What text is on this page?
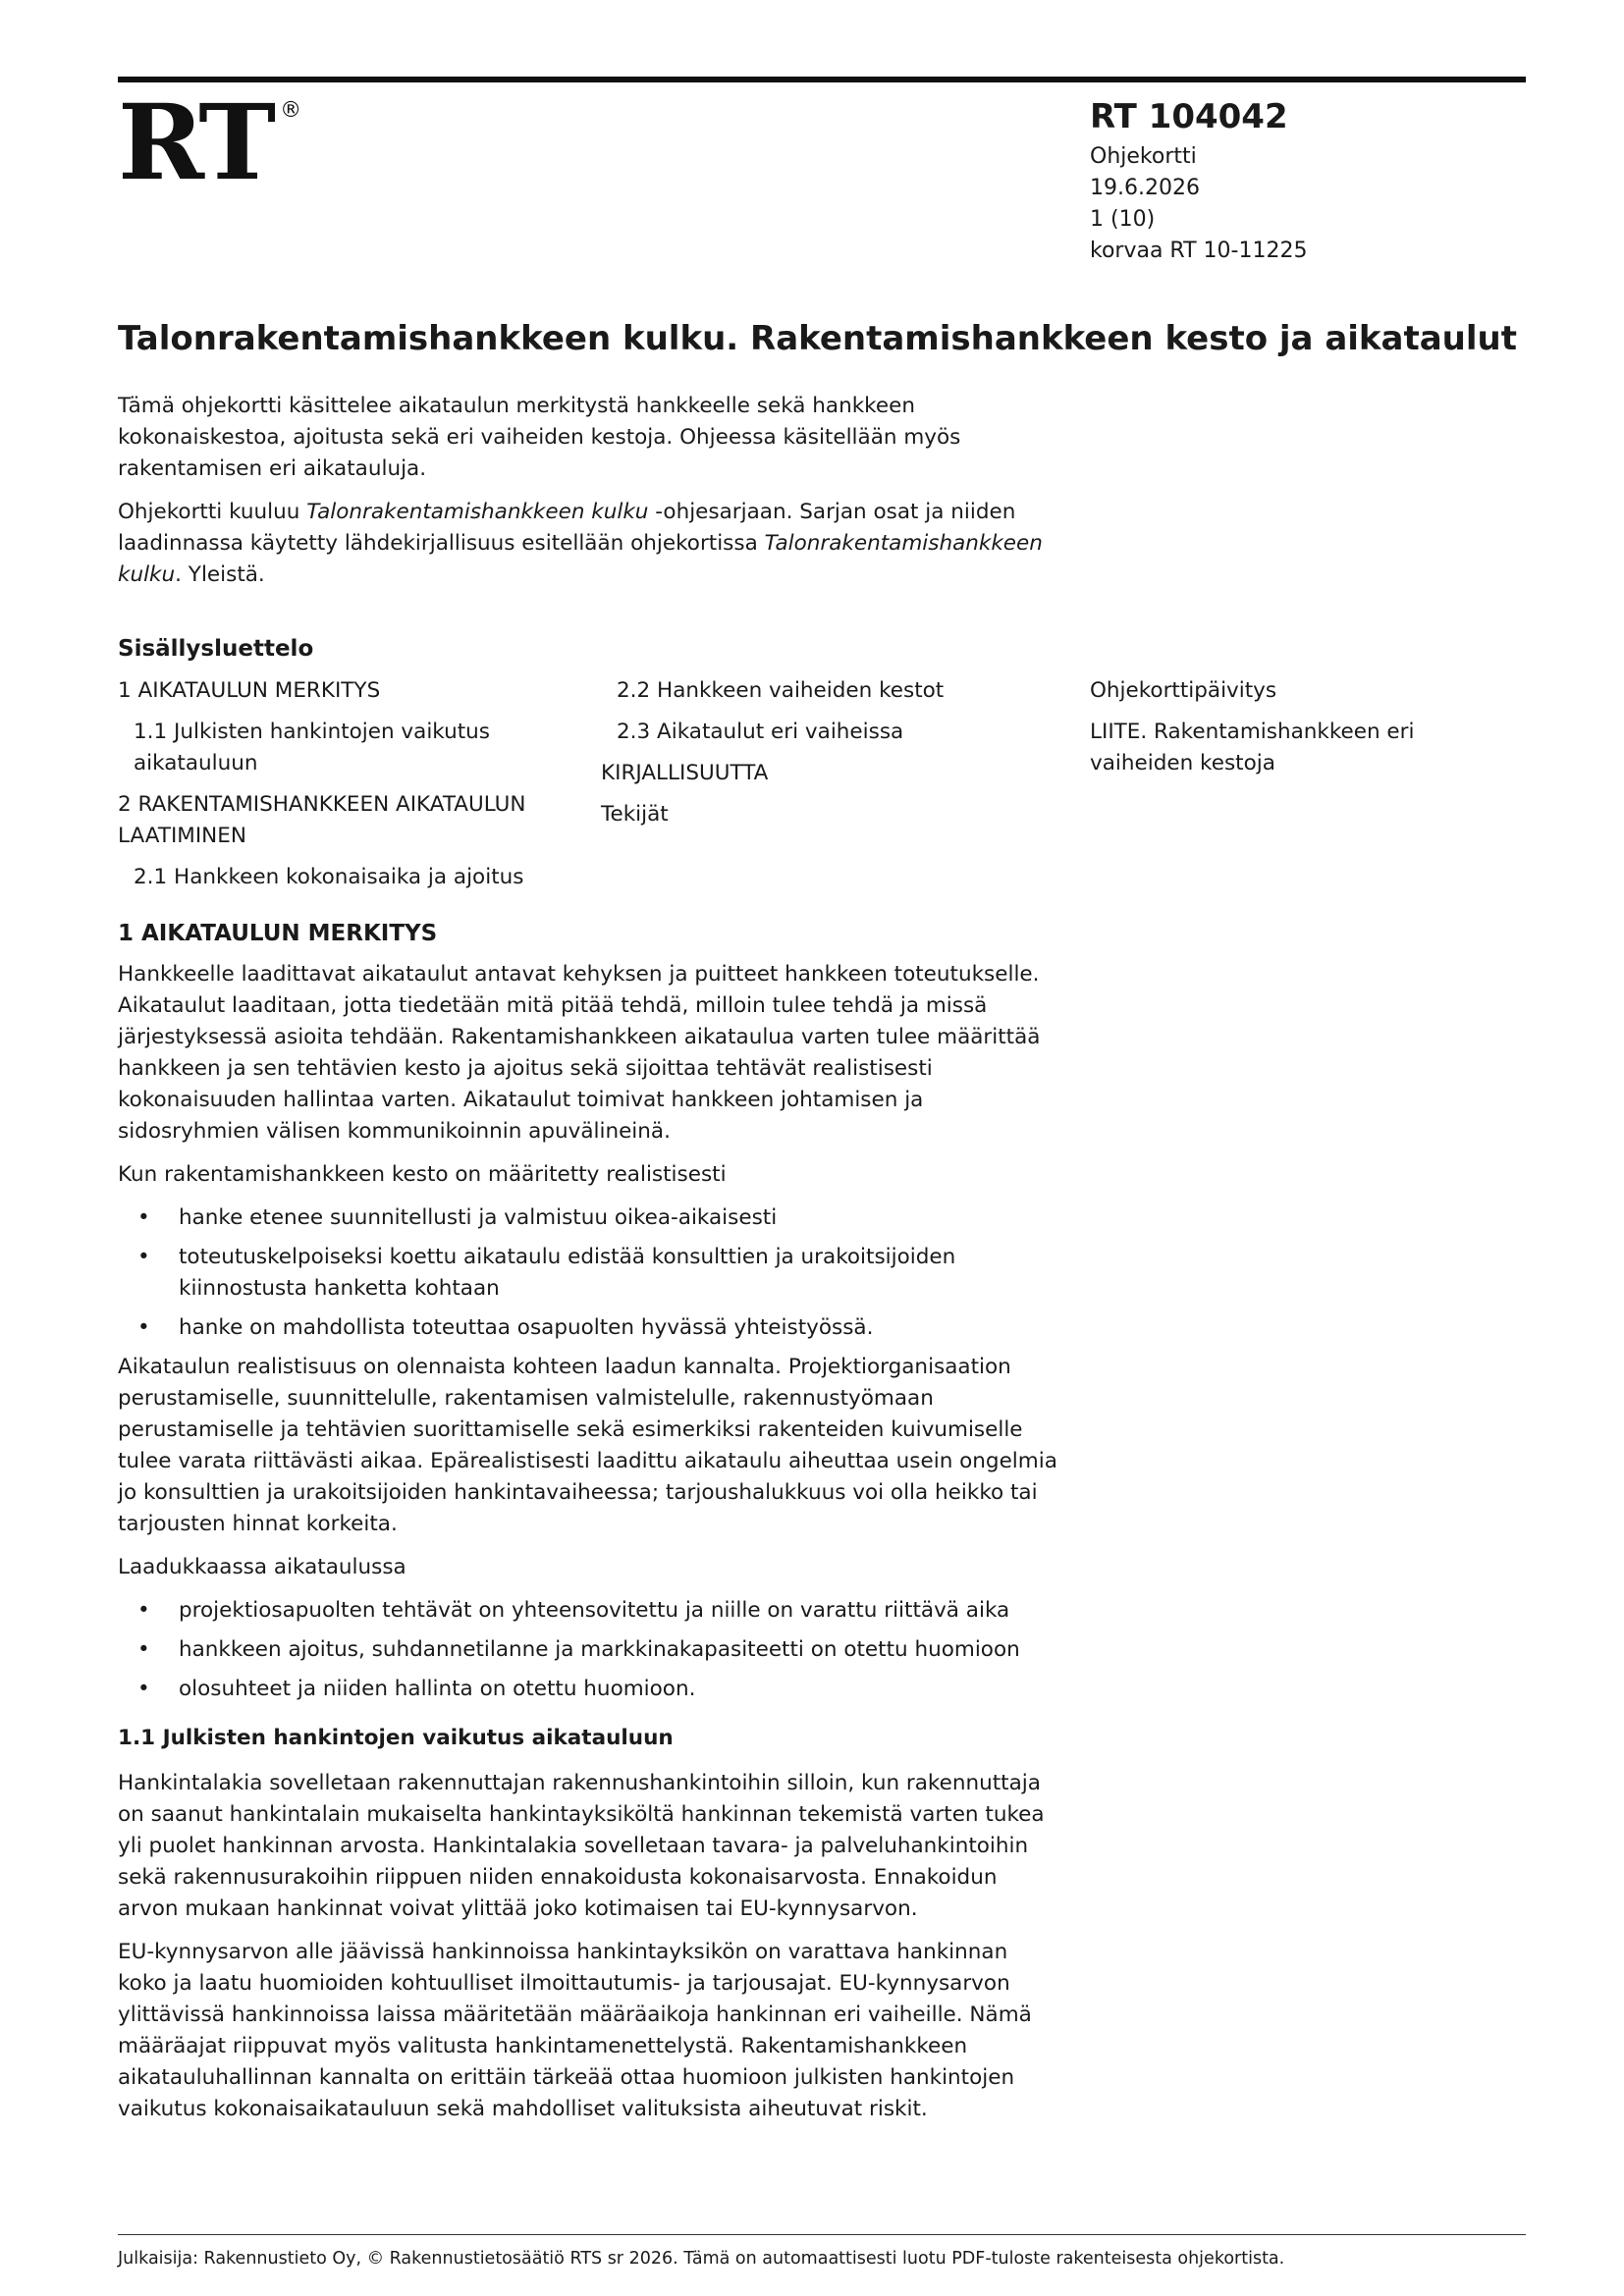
RT ®	RT 104042
Ohjekortti
19.6.2026
1 (10)
korvaa RT 10-11225
Talonrakentamishankkeen kulku. Rakentamishankkeen kesto ja aikataulut

Tämä ohjekortti käsittelee aikataulun merkitystä hankkeelle sekä hankkeen kokonaiskestoa, ajoitusta sekä eri vaiheiden kestoja. Ohjeessa käsitellään myös rakentamisen eri aikatauluja.

Ohjekortti kuuluu Talonrakentamishankkeen kulku -ohjesarjaan. Sarjan osat ja niiden laadinnassa käytetty lähdekirjallisuus esitellään ohjekortissa Talonrakentamishankkeen kulku. Yleistä.

Sisällysluettelo
1 AIKATAULUN MERKITYS
1.1 Julkisten hankintojen vaikutus aikatauluun
2 RAKENTAMISHANKKEEN AIKATAULUN LAATIMINEN
2.1 Hankkeen kokonaisaika ja ajoitus
2.2 Hankkeen vaiheiden kestot
2.3 Aikataulut eri vaiheissa
KIRJALLISUUTTA
Tekijät
Ohjekorttipäivitys
LIITE. Rakentamishankkeen eri vaiheiden kestoja
1 AIKATAULUN MERKITYS

Hankkeelle laadittavat aikataulut antavat kehyksen ja puitteet hankkeen toteutukselle. Aikataulut laaditaan, jotta tiedetään mitä pitää tehdä, milloin tulee tehdä ja missä järjestyksessä asioita tehdään. Rakentamishankkeen aikataulua varten tulee määrittää hankkeen ja sen tehtävien kesto ja ajoitus sekä sijoittaa tehtävät realistisesti kokonaisuuden hallintaa varten. Aikataulut toimivat hankkeen johtamisen ja sidosryhmien välisen kommunikoinnin apuvälineinä.

Kun rakentamishankkeen kesto on määritetty realistisesti

• hanke etenee suunnitellusti ja valmistuu oikea-aikaisesti
• toteutuskelpoiseksi koettu aikataulu edistää konsulttien ja urakoitsijoiden kiinnostusta hanketta kohtaan
• hanke on mahdollista toteuttaa osapuolten hyvässä yhteistyössä.

Aikataulun realistisuus on olennaista kohteen laadun kannalta. Projektiorganisaation perustamiselle, suunnittelulle, rakentamisen valmistelulle, rakennustyömaan perustamiselle ja tehtävien suorittamiselle sekä esimerkiksi rakenteiden kuivumiselle tulee varata riittävästi aikaa. Epärealistisesti laadittu aikataulu aiheuttaa usein ongelmia jo konsulttien ja urakoitsijoiden hankintavaiheessa; tarjoushalukkuus voi olla heikko tai tarjousten hinnat korkeita.

Laadukkaassa aikataulussa

• projektiosapuolten tehtävät on yhteensovitettu ja niille on varattu riittävä aika
• hankkeen ajoitus, suhdannetilanne ja markkinakapasiteetti on otettu huomioon
• olosuhteet ja niiden hallinta on otettu huomioon.
1.1 Julkisten hankintojen vaikutus aikatauluun

Hankintalakia sovelletaan rakennuttajan rakennushankintoihin silloin, kun rakennuttaja on saanut hankintalain mukaiselta hankintayksiköltä hankinnan tekemistä varten tukea yli puolet hankinnan arvosta. Hankintalakia sovelletaan tavara- ja palveluhankintoihin sekä rakennusurakoihin riippuen niiden ennakoidusta kokonaisarvosta. Ennakoidun arvon mukaan hankinnat voivat ylittää joko kotimaisen tai EU-kynnysarvon.

EU-kynnysarvon alle jäävissä hankinnoissa hankintayksikön on varattava hankinnan koko ja laatu huomioiden kohtuulliset ilmoittautumis- ja tarjousajat. EU-kynnysarvon ylittävissä hankinnoissa laissa määritetään määräaikoja hankinnan eri vaiheille. Nämä määräajat riippuvat myös valitusta hankintamenettelystä. Rakentamishankkeen aikatauluhallinnan kannalta on erittäin tärkeää ottaa huomioon julkisten hankintojen vaikutus kokonaisaikatauluun sekä mahdolliset valituksista aiheutuvat riskit.

Julkaisija: Rakennustieto Oy, © Rakennustietosäätiö RTS sr 2026. Tämä on automaattisesti luotu PDF-tuloste rakenteisesta ohjekortista.
